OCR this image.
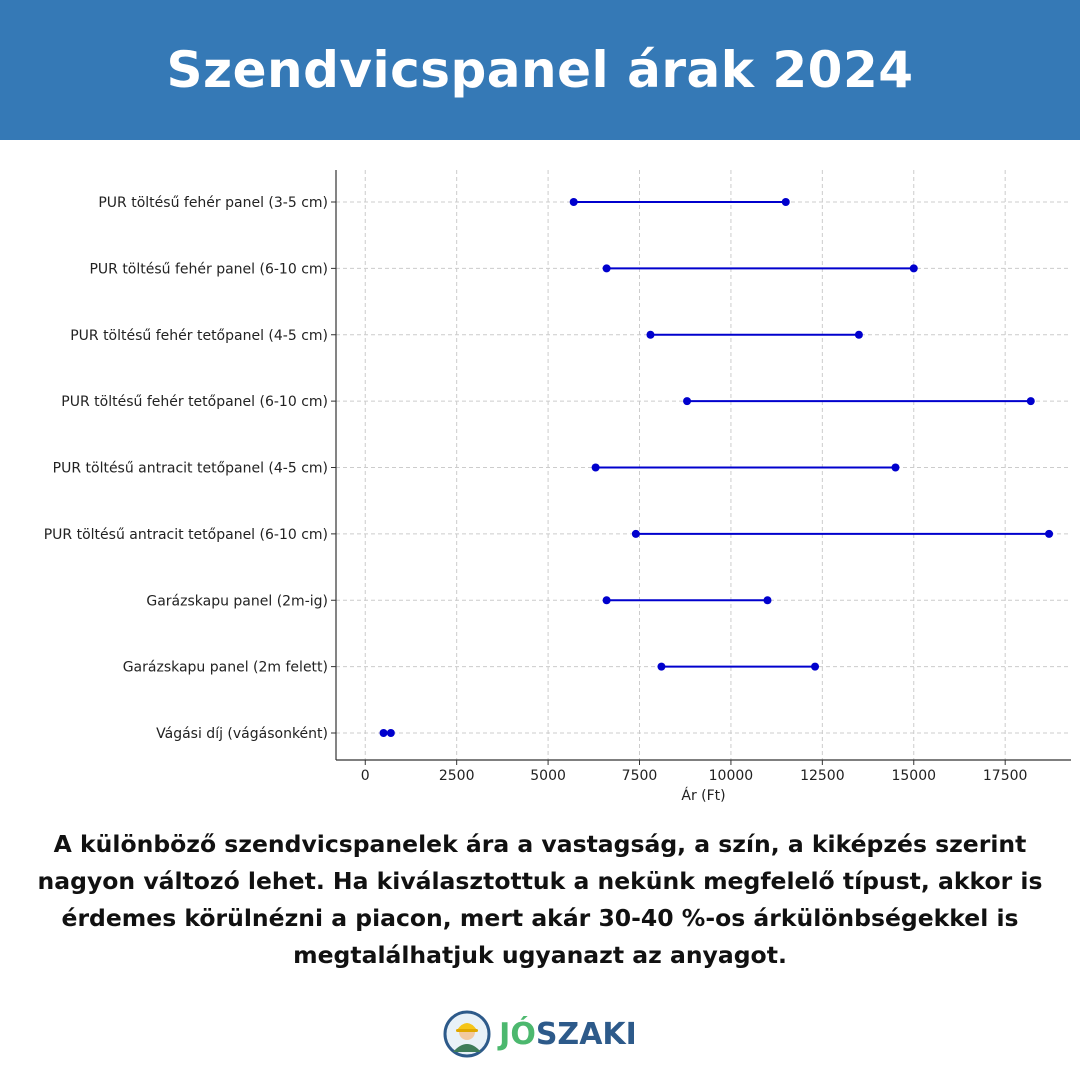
Szendvicspanel árak 2024
0	2500	5000	7500	10000	12500	15000	17500
Vágási díj (vágásonként)
Garázskapu panel (2m felett)
Garázskapu panel (2m-ig)
PUR töltésű antracit tetőpanel (6-10 cm)
PUR töltésű antracit tetőpanel (4-5 cm)
PUR töltésű fehér tetőpanel (6-10 cm)
PUR töltésű fehér tetőpanel (4-5 cm)
PUR töltésű fehér panel (6-10 cm)
PUR töltésű fehér panel (3-5 cm)
Ár (Ft)

A különböző szendvicspanelek ára a vastagság, a szín, a kiképzés szerint nagyon változó lehet. Ha kiválasztottuk a nekünk megfelelő típust, akkor is érdemes körülnézni a piacon, mert akár 30-40 %-os árkülönbségekkel is megtalálhatjuk ugyanazt az anyagot.

JÓSZAKI
